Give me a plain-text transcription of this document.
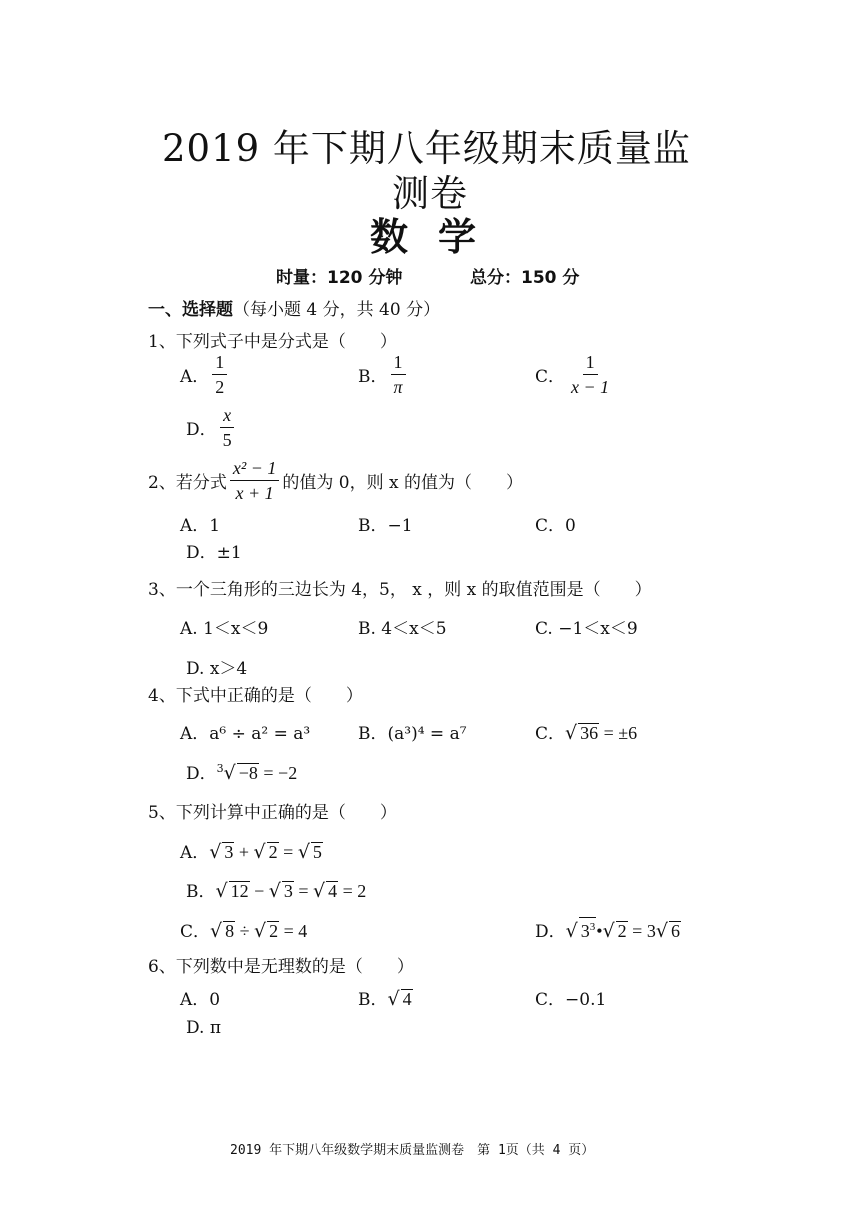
2019 年下期八年级期末质量监
测卷
数学
时量：120 分钟	总分：150 分
一、选择题（每小题 4 分，共 40 分）
1、下列式子中是分式是（　　）
A． $\frac{1}{2}$	B． $\frac{1}{\pi}$	C． $\frac{1}{x - 1}$
D． $\frac{x}{5}$
2、若分式 $\frac{\text{x² − 1}}{x + 1}$ 的值为 0，则 x 的值为（　　）
A．1	B．−1	C．0
D．±1
3、一个三角形的三边长为 4，5， x ，则 x 的取值范围是（　　）
A. 1＜x＜9	B. 4＜x＜5	C. −1＜x＜9
D. x＞4
4、下式中正确的是（　　）
A．a⁶ ÷ a² = a³	B．(a³)⁴ = a⁷	C．√ 36 = ±6
D．$^3$√ −8 = −2
5、下列计算中正确的是（　　）
A．√ 3 + √ 2 = √ 5
B．√ 12 − √ 3 = √ 4 = 2
C．√ 8 ÷ √ 2 = 4	D．√ $3^3•√$ 2 = 3√ 6
6、下列数中是无理数的是（　　）
A．0	B．√ 4	C．−0.1
D. π
2019 年下期八年级数学期末质量监测卷　第 1页（共 4 页）
